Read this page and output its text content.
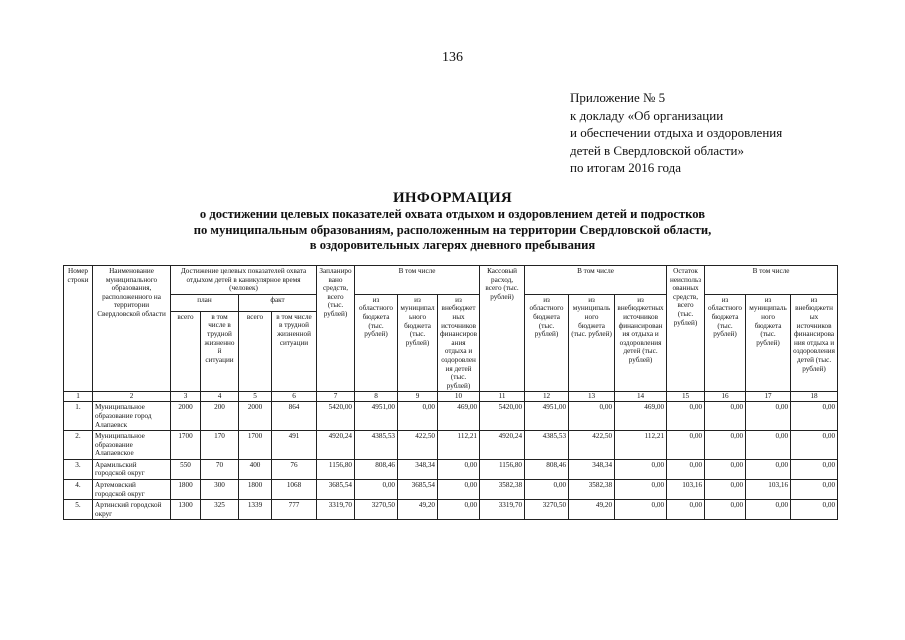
136
Приложение № 5
к докладу «Об организации
и обеспечении отдыха и оздоровления
детей в Свердловской области»
по итогам 2016 года
ИНФОРМАЦИЯ
о достижении целевых показателей охвата отдыхом и оздоровлением детей и подростков
по муниципальным образованиям, расположенным на территории Свердловской области,
в оздоровительных лагерях дневного пребывания
Номер строки	Наименование муниципального образования, расположенного на территории Свердловской области	Достижение целевых показателей охвата отдыхом детей в каникулярное время (человек)				Запланировано средств, всего (тыс. рублей)	В том числе			Кассовый расход, всего (тыс. рублей)	В том числе			Остаток неиспользованных средств, всего (тыс. рублей)	В том числе		
		план		факт			из областного бюджета (тыс. рублей)	из муниципального бюджета (тыс. рублей)	из внебюджетных источников финансирования отдыха и оздоровления детей (тыс. рублей)		из областного бюджета (тыс. рублей)	из муниципального бюджета (тыс. рублей)	из внебюджетных источников финансирования отдыха и оздоровления детей (тыс. рублей)		из областного бюджета (тыс. рублей)	из муниципального бюджета (тыс. рублей)	из внебюджетных источников финансирования отдыха и оздоровления детей (тыс. рублей)
		всего	в том числе в трудной жизненной ситуации	всего	в том числе в трудной жизненной ситуации												
1	2	3	4	5	6	7	8	9	10	11	12	13	14	15	16	17	18
1.	Муниципальное образование город Алапаевск	2000	200	2000	864	5420,00	4951,00	0,00	469,00	5420,00	4951,00	0,00	469,00	0,00	0,00	0,00	0,00
2.	Муниципальное образование Алапаевское	1700	170	1700	491	4920,24	4385,53	422,50	112,21	4920,24	4385,53	422,50	112,21	0,00	0,00	0,00	0,00
3.	Арамильский городской округ	550	70	400	76	1156,80	808,46	348,34	0,00	1156,80	808,46	348,34	0,00	0,00	0,00	0,00	0,00
4.	Артемовский городской округ	1800	300	1800	1068	3685,54	0,00	3685,54	0,00	3582,38	0,00	3582,38	0,00	103,16	0,00	103,16	0,00
5.	Артинский городской округ	1300	325	1339	777	3319,70	3270,50	49,20	0,00	3319,70	3270,50	49,20	0,00	0,00	0,00	0,00	0,00
